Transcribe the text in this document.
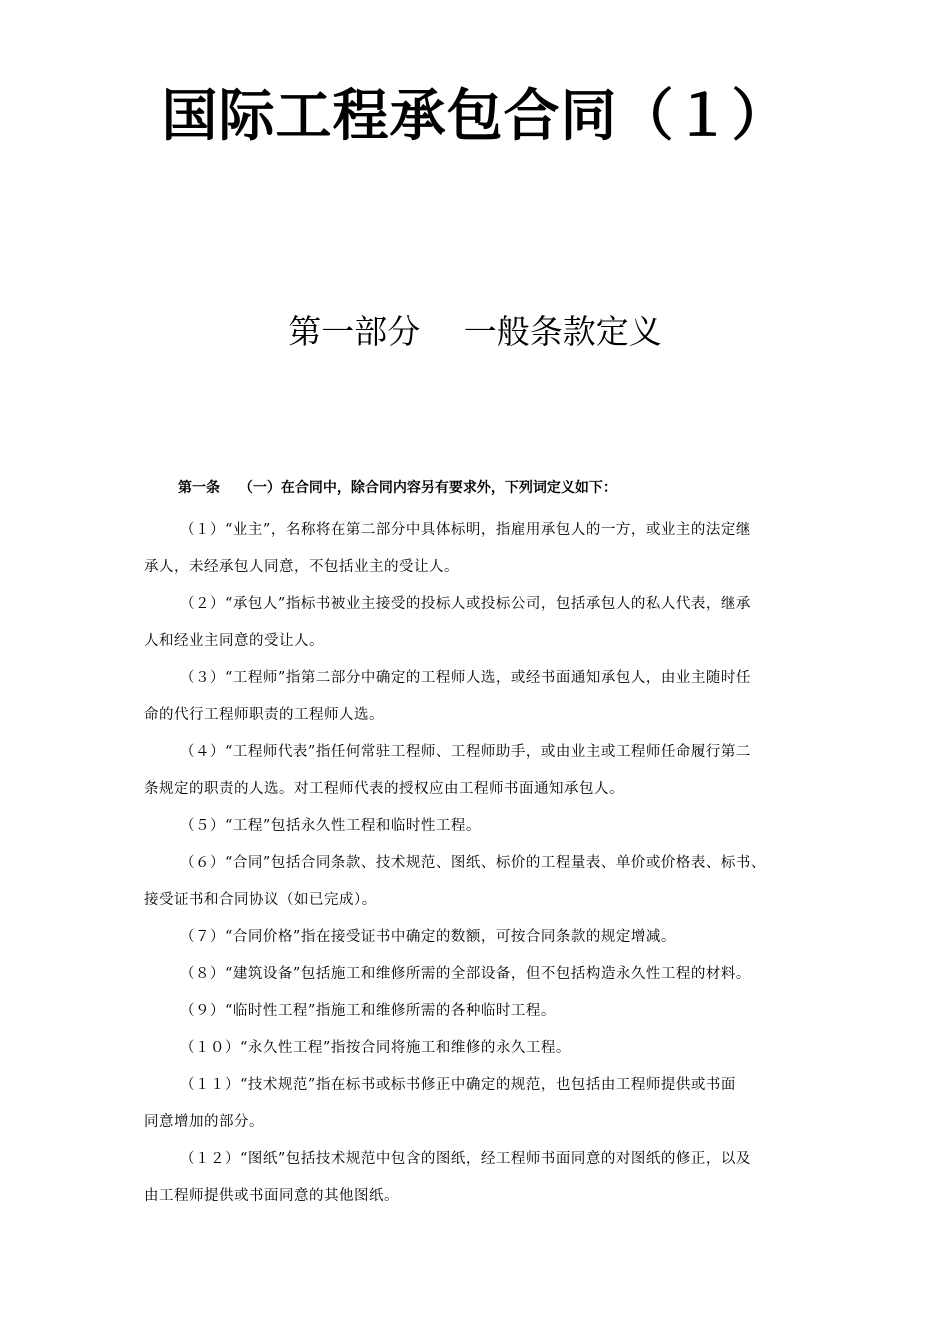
国际工程承包合同（１）
第一部分　 一般条款定义
第一条　 （一）在合同中，除合同内容另有要求外，下列词定义如下：
（１）“业主”，名称将在第二部分中具体标明，指雇用承包人的一方，或业主的法定继
承人，未经承包人同意，不包括业主的受让人。
（２）“承包人”指标书被业主接受的投标人或投标公司，包括承包人的私人代表，继承
人和经业主同意的受让人。
（３）“工程师”指第二部分中确定的工程师人选，或经书面通知承包人，由业主随时任
命的代行工程师职责的工程师人选。
（４）“工程师代表”指任何常驻工程师、工程师助手，或由业主或工程师任命履行第二
条规定的职责的人选。对工程师代表的授权应由工程师书面通知承包人。
（５）“工程”包括永久性工程和临时性工程。
（６）“合同”包括合同条款、技术规范、图纸、标价的工程量表、单价或价格表、标书、
接受证书和合同协议（如已完成）。
（７）“合同价格”指在接受证书中确定的数额，可按合同条款的规定增减。
（８）“建筑设备”包括施工和维修所需的全部设备，但不包括构造永久性工程的材料。
（９）“临时性工程”指施工和维修所需的各种临时工程。
（１０）“永久性工程”指按合同将施工和维修的永久工程。
（１１）“技术规范”指在标书或标书修正中确定的规范，也包括由工程师提供或书面
同意增加的部分。
（１２）“图纸”包括技术规范中包含的图纸，经工程师书面同意的对图纸的修正，以及
由工程师提供或书面同意的其他图纸。
